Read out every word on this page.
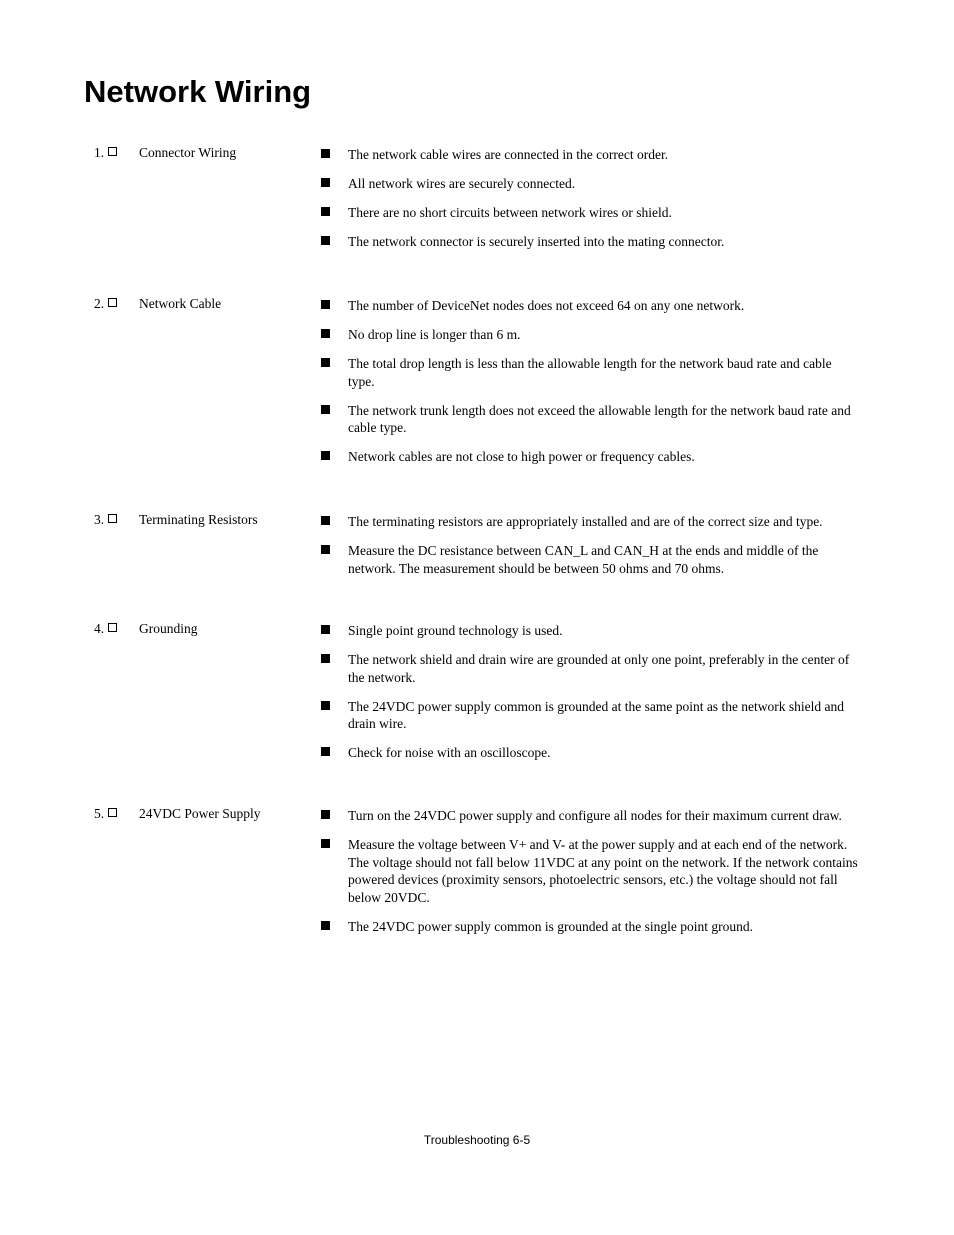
Network Wiring
1.	Connector Wiring	The network cable wires are connected in the correct order.
All network wires are securely connected.
There are no short circuits between network wires or shield.
The network connector is securely inserted into the mating connector.
2.	Network Cable	The number of DeviceNet nodes does not exceed 64 on any one network.
No drop line is longer than 6 m.
The total drop length is less than the allowable length for the network baud rate and cable type.
The network trunk length does not exceed the allowable length for the network baud rate and cable type.
Network cables are not close to high power or frequency cables.
3.	Terminating Resistors	The terminating resistors are appropriately installed and are of the correct size and type.
Measure the DC resistance between CAN_L and CAN_H at the ends and middle of the network. The measurement should be between 50 ohms and 70 ohms.
4.	Grounding	Single point ground technology is used.
The network shield and drain wire are grounded at only one point, preferably in the center of the network.
The 24VDC power supply common is grounded at the same point as the network shield and drain wire.
Check for noise with an oscilloscope.
5.	24VDC Power Supply	Turn on the 24VDC power supply and configure all nodes for their maximum current draw.
Measure the voltage between V+ and V- at the power supply and at each end of the network. The voltage should not fall below 11VDC at any point on the network. If the network contains powered devices (proximity sensors, photoelectric sensors, etc.) the voltage should not fall below 20VDC.
The 24VDC power supply common is grounded at the single point ground.
Troubleshooting 6-5
